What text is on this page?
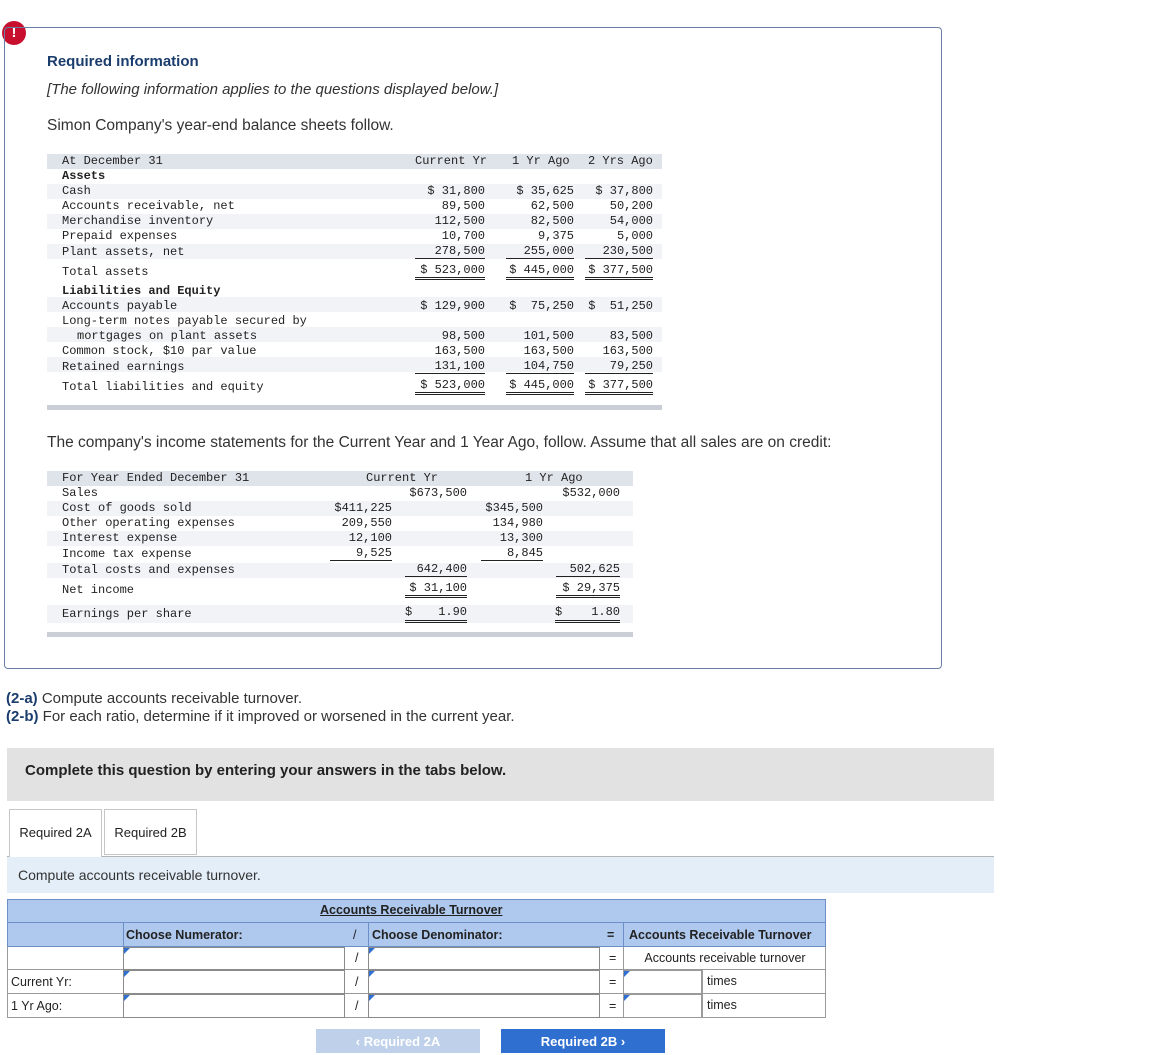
!
Required information
[The following information applies to the questions displayed below.]
Simon Company's year-end balance sheets follow.
At December 31	Current Yr 1 Yr Ago 2 Yrs Ago
Assets
Cash	$ 31,800	$ 35,625 $ 37,800
Accounts receivable, net	89,500	62,500	50,200
Merchandise inventory	112,500	82,500	54,000
Prepaid expenses	10,700	9,375	5,000
Plant assets, net	278,500	255,000	230,500
Total assets	$ 523,000 $ 445,000 $ 377,500
Liabilities and Equity
Accounts payable	$ 129,900 $  75,250 $  51,250
Long-term notes payable secured by
mortgages on plant assets	98,500	101,500	83,500
Common stock, $10 par value	163,500	163,500 163,500
Retained earnings	131,100	104,750	79,250
Total liabilities and equity	$ 523,000 $ 445,000 $ 377,500
The company's income statements for the Current Year and 1 Year Ago, follow. Assume that all sales are on credit:
For Year Ended December 31	Current Yr	1 Yr Ago
Sales	$673,500	$532,000
Cost of goods sold	$411,225	$345,500
Other operating expenses	209,550	134,980
Interest expense	12,100	13,300
Income tax expense	9,525	8,845
Total costs and expenses	642,400	502,625
Net income	$ 31,100	$ 29,375
Earnings per share	$ 1.90	$ 1.80
(2-a) Compute accounts receivable turnover.
(2-b) For each ratio, determine if it improved or worsened in the current year.
Complete this question by entering your answers in the tabs below.
Required 2A	Required 2B
Compute accounts receivable turnover.
Accounts Receivable Turnover
Choose Numerator:	/ Choose Denominator:	= Accounts Receivable Turnover
/	=	Accounts receivable turnover
Current Yr:	/	=	times
1 Yr Ago:	/	=	times
‹ Required 2A	Required 2B ›
